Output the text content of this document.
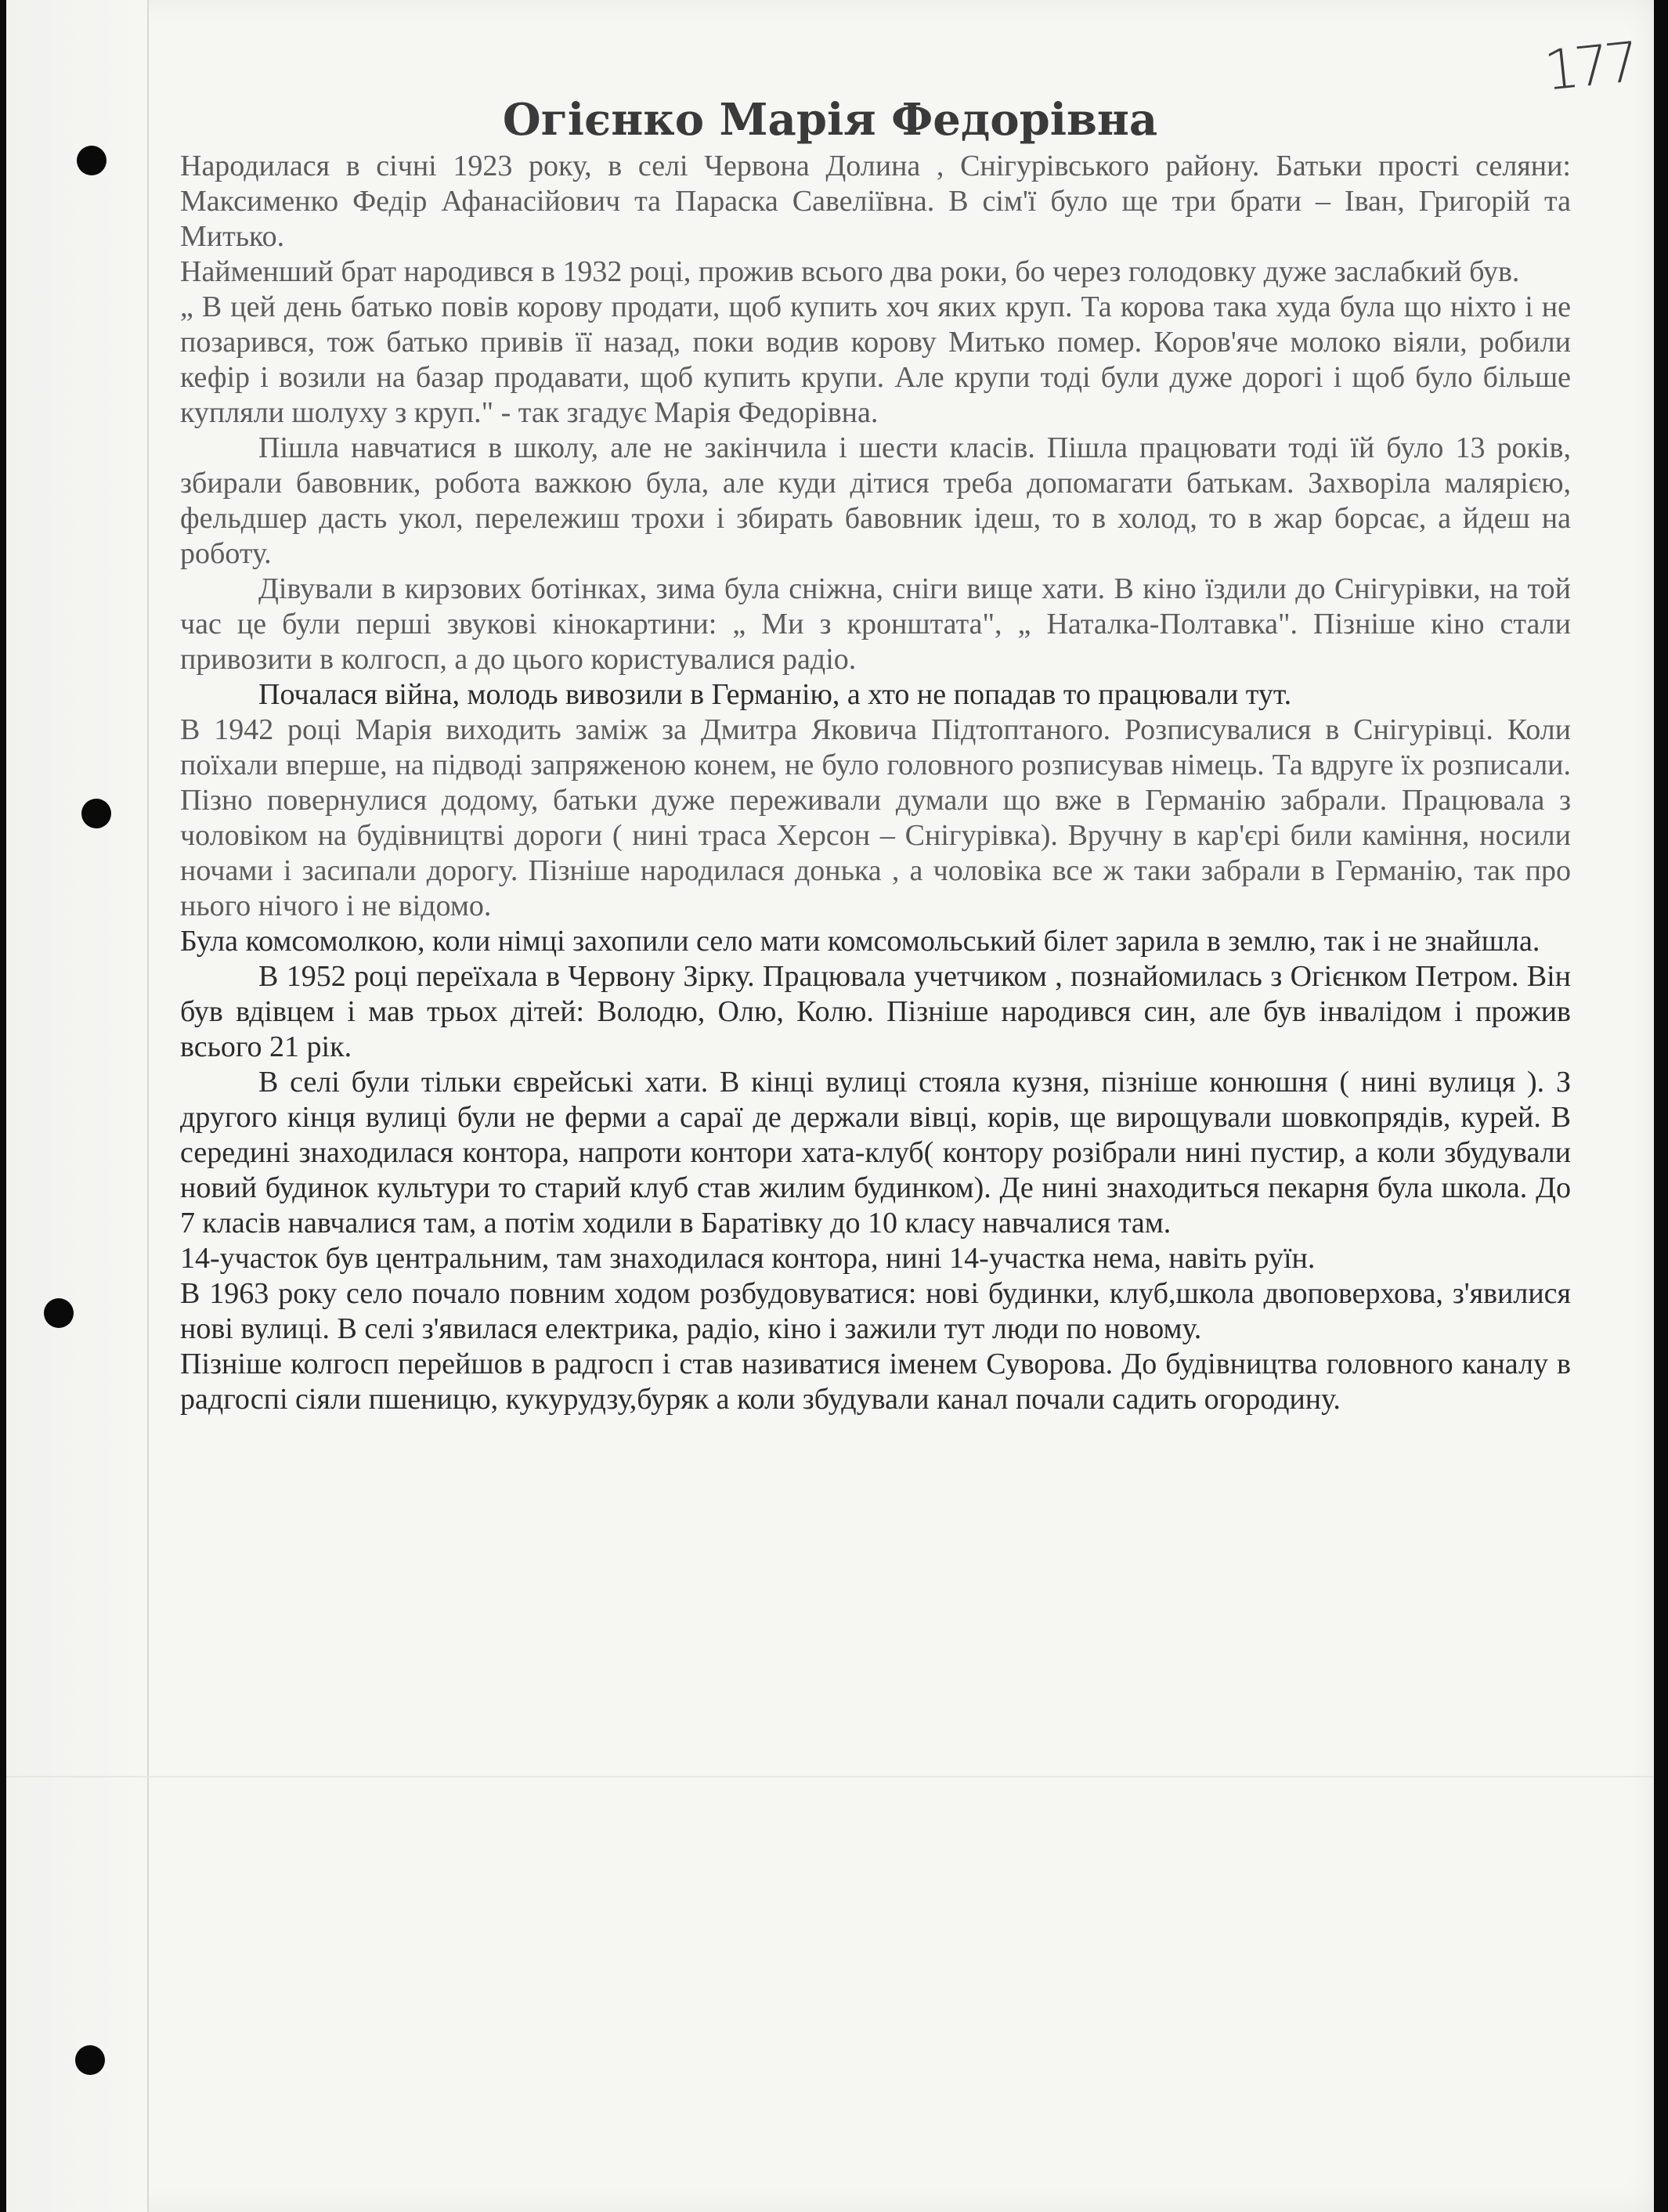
177
Огієнко Марія Федорівна

Народилася в січні 1923 року, в селі Червона Долина , Снігурівського району. Батьки прості селяни: Максименко Федір Афанасійович та Параска Савеліївна. В сім'ї було ще три брати – Іван, Григорій та Митько.

Найменший брат народився в 1932 році, прожив всього два роки, бо через голодовку дуже заслабкий був.

„ В цей день батько повів корову продати, щоб купить хоч яких круп. Та корова така худа була що ніхто і не позарився, тож батько привів її назад, поки водив корову Митько помер. Коров'яче молоко віяли, робили кефір і возили на базар продавати, щоб купить крупи. Але крупи тоді були дуже дорогі і щоб було більше купляли шолуху з круп." - так згадує Марія Федорівна.

Пішла навчатися в школу, але не закінчила і шести класів. Пішла працювати тоді їй було 13 років, збирали бавовник, робота важкою була, але куди дітися треба допомагати батькам. Захворіла малярією, фельдшер дасть укол, перележиш трохи і збирать бавовник ідеш, то в холод, то в жар борсає, а йдеш на роботу.

Дівували в кирзових ботінках, зима була сніжна, сніги вище хати. В кіно їздили до Снігурівки, на той час це були перші звукові кінокартини: „ Ми з кронштата", „ Наталка-Полтавка". Пізніше кіно стали привозити в колгосп, а до цього користувалися радіо.

Почалася війна, молодь вивозили в Германію, а хто не попадав то працювали тут.

В 1942 році Марія виходить заміж за Дмитра Яковича Підтоптаного. Розписувалися в Снігурівці. Коли поїхали вперше, на підводі запряженою конем, не було головного розписував німець. Та вдруге їх розписали. Пізно повернулися додому, батьки дуже переживали думали що вже в Германію забрали. Працювала з чоловіком на будівництві дороги ( нині траса Херсон – Снігурівка). Вручну в кар'єрі били каміння, носили ночами і засипали дорогу. Пізніше народилася донька , а чоловіка все ж таки забрали в Германію, так про нього нічого і не відомо.

Була комсомолкою, коли німці захопили село мати комсомольський білет зарила в землю, так і не знайшла.

В 1952 році переїхала в Червону Зірку. Працювала учетчиком , познайомилась з Огієнком Петром. Він був вдівцем і мав трьох дітей: Володю, Олю, Колю. Пізніше народився син, але був інвалідом і прожив всього 21 рік.

В селі були тільки єврейські хати. В кінці вулиці стояла кузня, пізніше конюшня ( нині вулиця ). З другого кінця вулиці були не ферми а сараї де держали вівці, корів, ще вирощували шовкопрядів, курей. В середині знаходилася контора, напроти контори хата-клуб( контору розібрали нині пустир, а коли збудували новий будинок культури то старий клуб став жилим будинком). Де нині знаходиться пекарня була школа. До 7 класів навчалися там, а потім ходили в Баратівку до 10 класу навчалися там.

14-участок був центральним, там знаходилася контора, нині 14-участка нема, навіть руїн.

В 1963 року село почало повним ходом розбудовуватися: нові будинки, клуб,школа двоповерхова, з'явилися нові вулиці. В селі з'явилася електрика, радіо, кіно і зажили тут люди по новому.

Пізніше колгосп перейшов в радгосп і став називатися іменем Суворова. До будівництва головного каналу в радгоспі сіяли пшеницю, кукурудзу,буряк а коли збудували канал почали садить огородину.
